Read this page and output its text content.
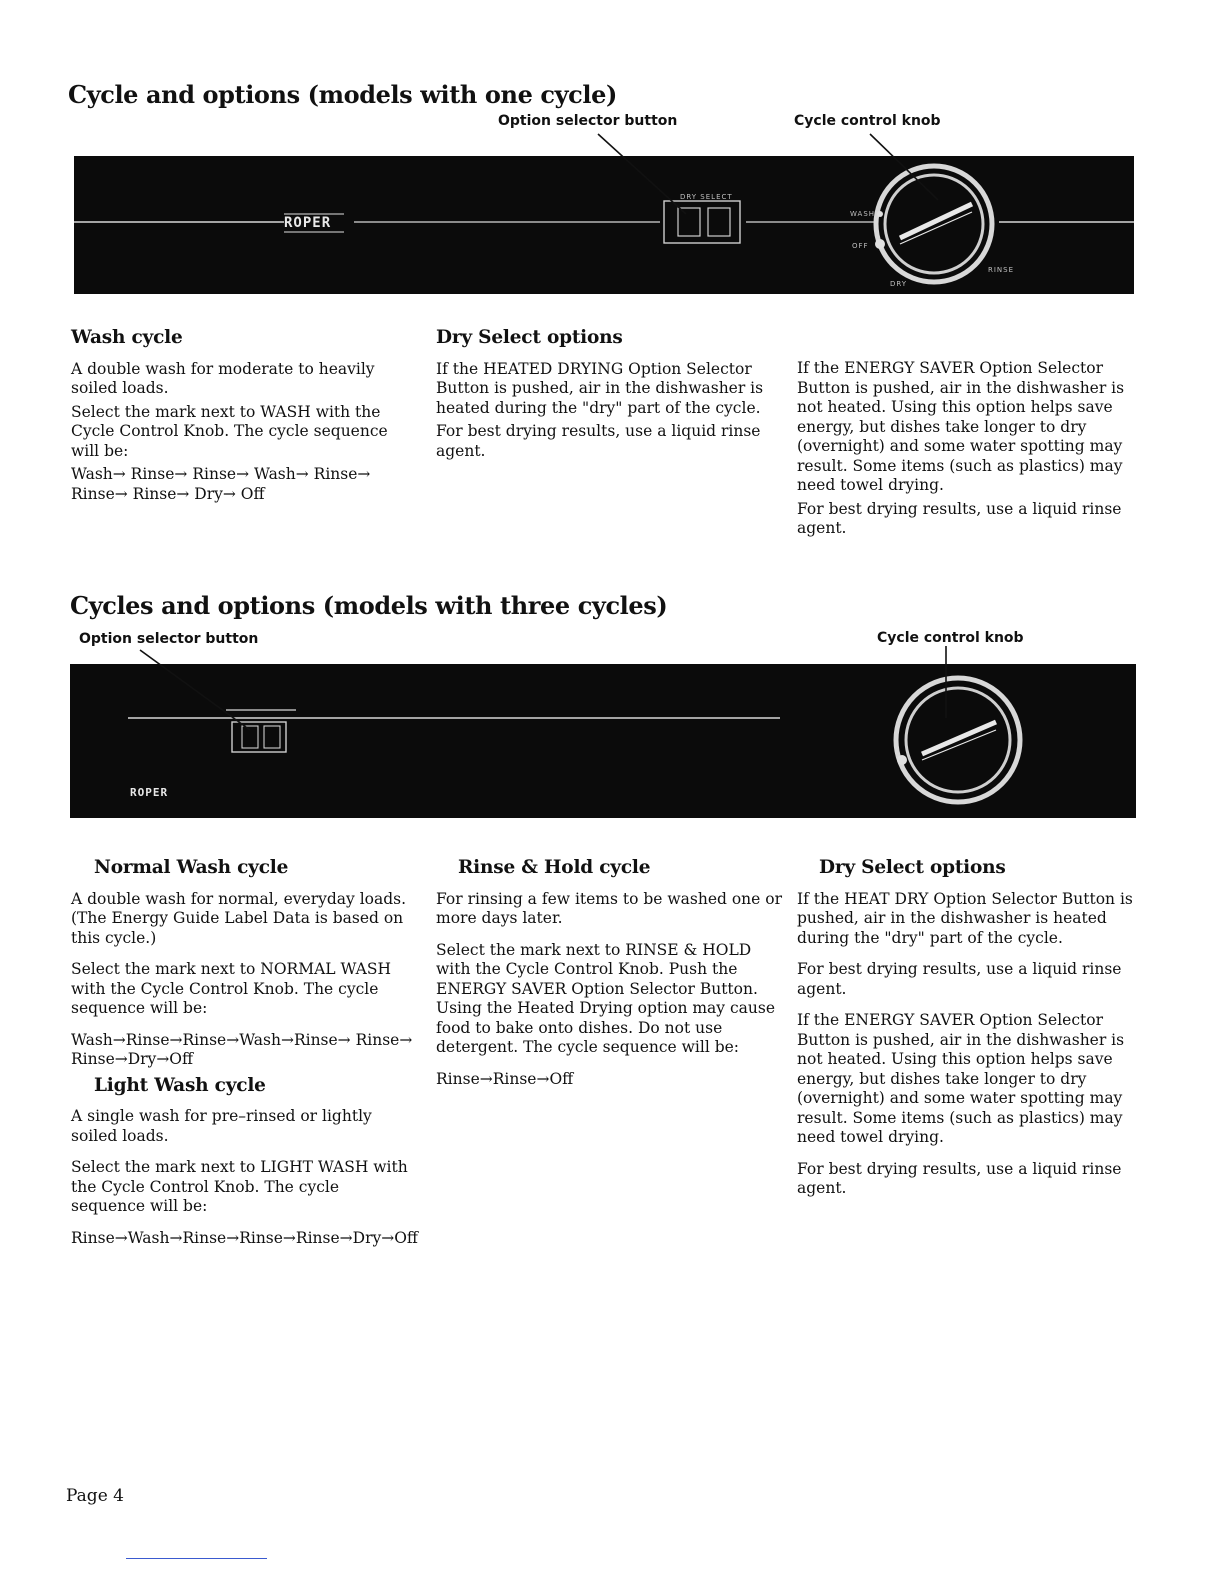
Cycle and options (models with one cycle)
Option selector button	Cycle control knob
ROPER
DRY SELECT
WASH
OFF
DRY
RINSE
Wash cycle

A double wash for moderate to heavily soiled loads.

Select the mark next to WASH with the Cycle Control Knob. The cycle sequence will be:

Wash→ Rinse→ Rinse→ Wash→ Rinse→ Rinse→ Rinse→ Dry→ Off

Dry Select options

If the HEATED DRYING Option Selector Button is pushed, air in the dishwasher is heated during the "dry" part of the cycle.

For best drying results, use a liquid rinse agent.

If the ENERGY SAVER Option Selector Button is pushed, air in the dishwasher is not heated. Using this option helps save energy, but dishes take longer to dry (overnight) and some water spotting may result. Some items (such as plastics) may need towel drying.

For best drying results, use a liquid rinse agent.

Cycles and options (models with three cycles)
Option selector button	Cycle control knob
ROPER
Normal Wash cycle

A double wash for normal, everyday loads. (The Energy Guide Label Data is based on this cycle.)

Select the mark next to NORMAL WASH with the Cycle Control Knob. The cycle sequence will be:

Wash→Rinse→Rinse→Wash→Rinse→ Rinse→ Rinse→Dry→Off

Light Wash cycle

A single wash for pre–rinsed or lightly soiled loads.

Select the mark next to LIGHT WASH with the Cycle Control Knob. The cycle sequence will be:

Rinse→Wash→Rinse→Rinse→Rinse→Dry→Off

Rinse & Hold cycle

For rinsing a few items to be washed one or more days later.

Select the mark next to RINSE & HOLD with the Cycle Control Knob. Push the ENERGY SAVER Option Selector Button. Using the Heated Drying option may cause food to bake onto dishes. Do not use detergent. The cycle sequence will be:

Rinse→Rinse→Off

Dry Select options

If the HEAT DRY Option Selector Button is pushed, air in the dishwasher is heated during the "dry" part of the cycle.

For best drying results, use a liquid rinse agent.

If the ENERGY SAVER Option Selector Button is pushed, air in the dishwasher is not heated. Using this option helps save energy, but dishes take longer to dry (overnight) and some water spotting may result. Some items (such as plastics) may need towel drying.

For best drying results, use a liquid rinse agent.

Page 4
